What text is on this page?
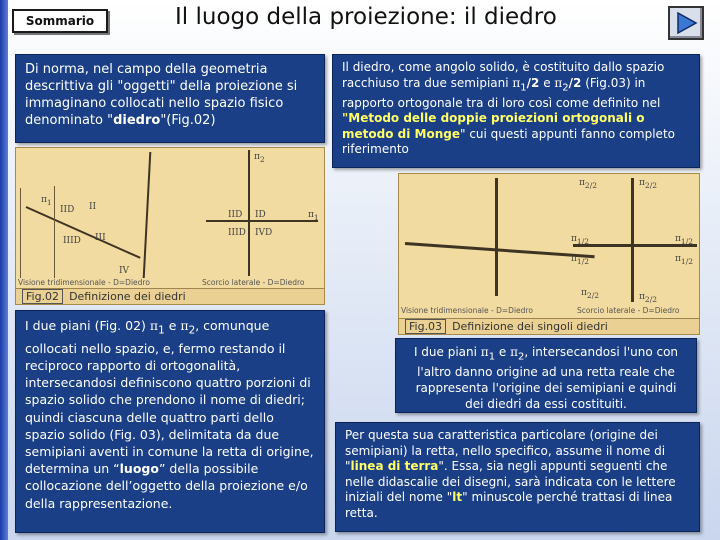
Sommario	Il luogo della proiezione: il diedro
Di norma, nel campo della geometria descrittiva gli "oggetti" della proiezione si immaginano collocati nello spazio fisico denominato "diedro"(Fig.02)
Il diedro, come angolo solido, è costituito dallo spazio racchiuso tra due semipiani $\pi_1/2$ e $\pi_2/2$ (Fig.03) in rapporto ortogonale tra di loro così come definito nel "Metodo delle doppie proiezioni ortogonali o metodo di Monge" cui questi appunti fanno completo riferimento
$\pi_2$
$\pi_1$
IID II
IIID III
IV
IID ID
IIID IVD
$\pi_1$
Visione tridimensionale - D=Diedro	Scorcio laterale - D=Diedro
Fig.02 Definizione dei diedri
I due piani (Fig. 02) $\pi_1$ e $\pi_2$, comunque collocati nello spazio, e, fermo restando il reciproco rapporto di ortogonalità, intersecandosi definiscono quattro porzioni di spazio solido che prendono il nome di diedri; quindi ciascuna delle quattro parti dello spazio solido (Fig. 03), delimitata da due semipiani aventi in comune la retta di origine, determina un “luogo” della possibile collocazione dell’oggetto della proiezione e/o della rappresentazione.
$\pi_{2/2}$	$\pi_{2/2}$
$\pi_{1/2}$	$\pi_{1/2}$
$\pi_{1/2}$	$\pi_{1/2}$
$\pi_{2/2}$	$\pi_{2/2}$
Visione tridimensionale - D=Diedro	Scorcio laterale - D=Diedro
Fig.03 Definizione dei singoli diedri
I due piani $\pi_1$ e $\pi_2$, intersecandosi l'uno con l'altro danno origine ad una retta reale che rappresenta l'origine dei semipiani e quindi dei diedri da essi costituiti.
Per questa sua caratteristica particolare (origine dei semipiani) la retta, nello specifico, assume il nome di "linea di terra". Essa, sia negli appunti seguenti che nelle didascalie dei disegni, sarà indicata con le lettere iniziali del nome "lt" minuscole perché trattasi di linea retta.
